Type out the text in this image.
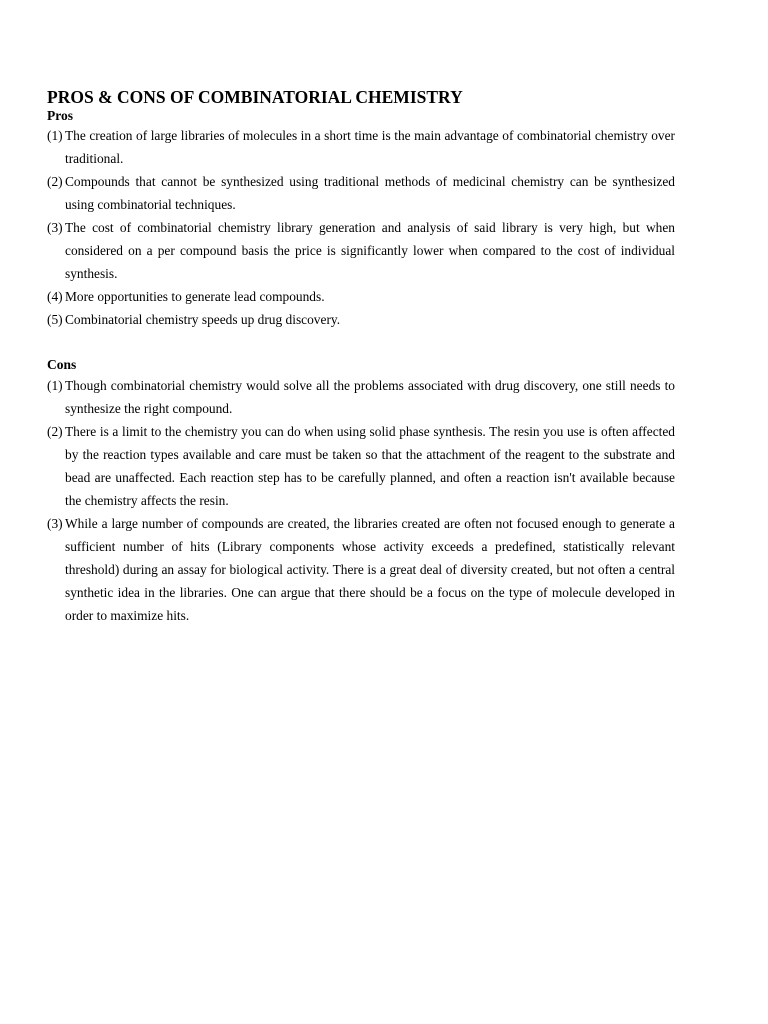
PROS & CONS OF COMBINATORIAL CHEMISTRY
Pros
(1) The creation of large libraries of molecules in a short time is the main advantage of combinatorial chemistry over traditional.
(2) Compounds that cannot be synthesized using traditional methods of medicinal chemistry can be synthesized using combinatorial techniques.
(3) The cost of combinatorial chemistry library generation and analysis of said library is very high, but when considered on a per compound basis the price is significantly lower when compared to the cost of individual synthesis.
(4) More opportunities to generate lead compounds.
(5) Combinatorial chemistry speeds up drug discovery.
Cons
(1) Though combinatorial chemistry would solve all the problems associated with drug discovery, one still needs to synthesize the right compound.
(2) There is a limit to the chemistry you can do when using solid phase synthesis. The resin you use is often affected by the reaction types available and care must be taken so that the attachment of the reagent to the substrate and bead are unaffected. Each reaction step has to be carefully planned, and often a reaction isn't available because the chemistry affects the resin.
(3) While a large number of compounds are created, the libraries created are often not focused enough to generate a sufficient number of hits (Library components whose activity exceeds a predefined, statistically relevant threshold) during an assay for biological activity. There is a great deal of diversity created, but not often a central synthetic idea in the libraries. One can argue that there should be a focus on the type of molecule developed in order to maximize hits.
